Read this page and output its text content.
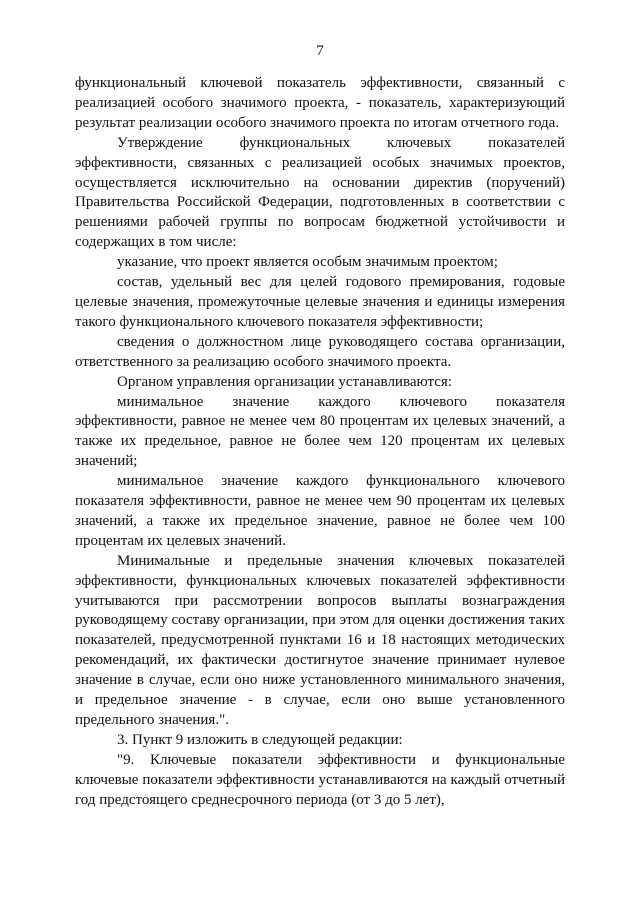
7

функциональный ключевой показатель эффективности, связанный с реализацией особого значимого проекта, - показатель, характеризующий результат реализации особого значимого проекта по итогам отчетного года.

Утверждение функциональных ключевых показателей эффективности, связанных с реализацией особых значимых проектов, осуществляется исключительно на основании директив (поручений) Правительства Российской Федерации, подготовленных в соответствии с решениями рабочей группы по вопросам бюджетной устойчивости и содержащих в том числе:

указание, что проект является особым значимым проектом;

состав, удельный вес для целей годового премирования, годовые целевые значения, промежуточные целевые значения и единицы измерения такого функционального ключевого показателя эффективности;

сведения о должностном лице руководящего состава организации, ответственного за реализацию особого значимого проекта.

Органом управления организации устанавливаются:

минимальное значение каждого ключевого показателя эффективности, равное не менее чем 80 процентам их целевых значений, а также их предельное, равное не более чем 120 процентам их целевых значений;

минимальное значение каждого функционального ключевого показателя эффективности, равное не менее чем 90 процентам их целевых значений, а также их предельное значение, равное не более чем 100 процентам их целевых значений.

Минимальные и предельные значения ключевых показателей эффективности, функциональных ключевых показателей эффективности учитываются при рассмотрении вопросов выплаты вознаграждения руководящему составу организации, при этом для оценки достижения таких показателей, предусмотренной пунктами 16 и 18 настоящих методических рекомендаций, их фактически достигнутое значение принимает нулевое значение в случае, если оно ниже установленного минимального значения, и предельное значение - в случае, если оно выше установленного предельного значения.".

3. Пункт 9 изложить в следующей редакции:

"9. Ключевые показатели эффективности и функциональные ключевые показатели эффективности устанавливаются на каждый отчетный год предстоящего среднесрочного периода (от 3 до 5 лет),
